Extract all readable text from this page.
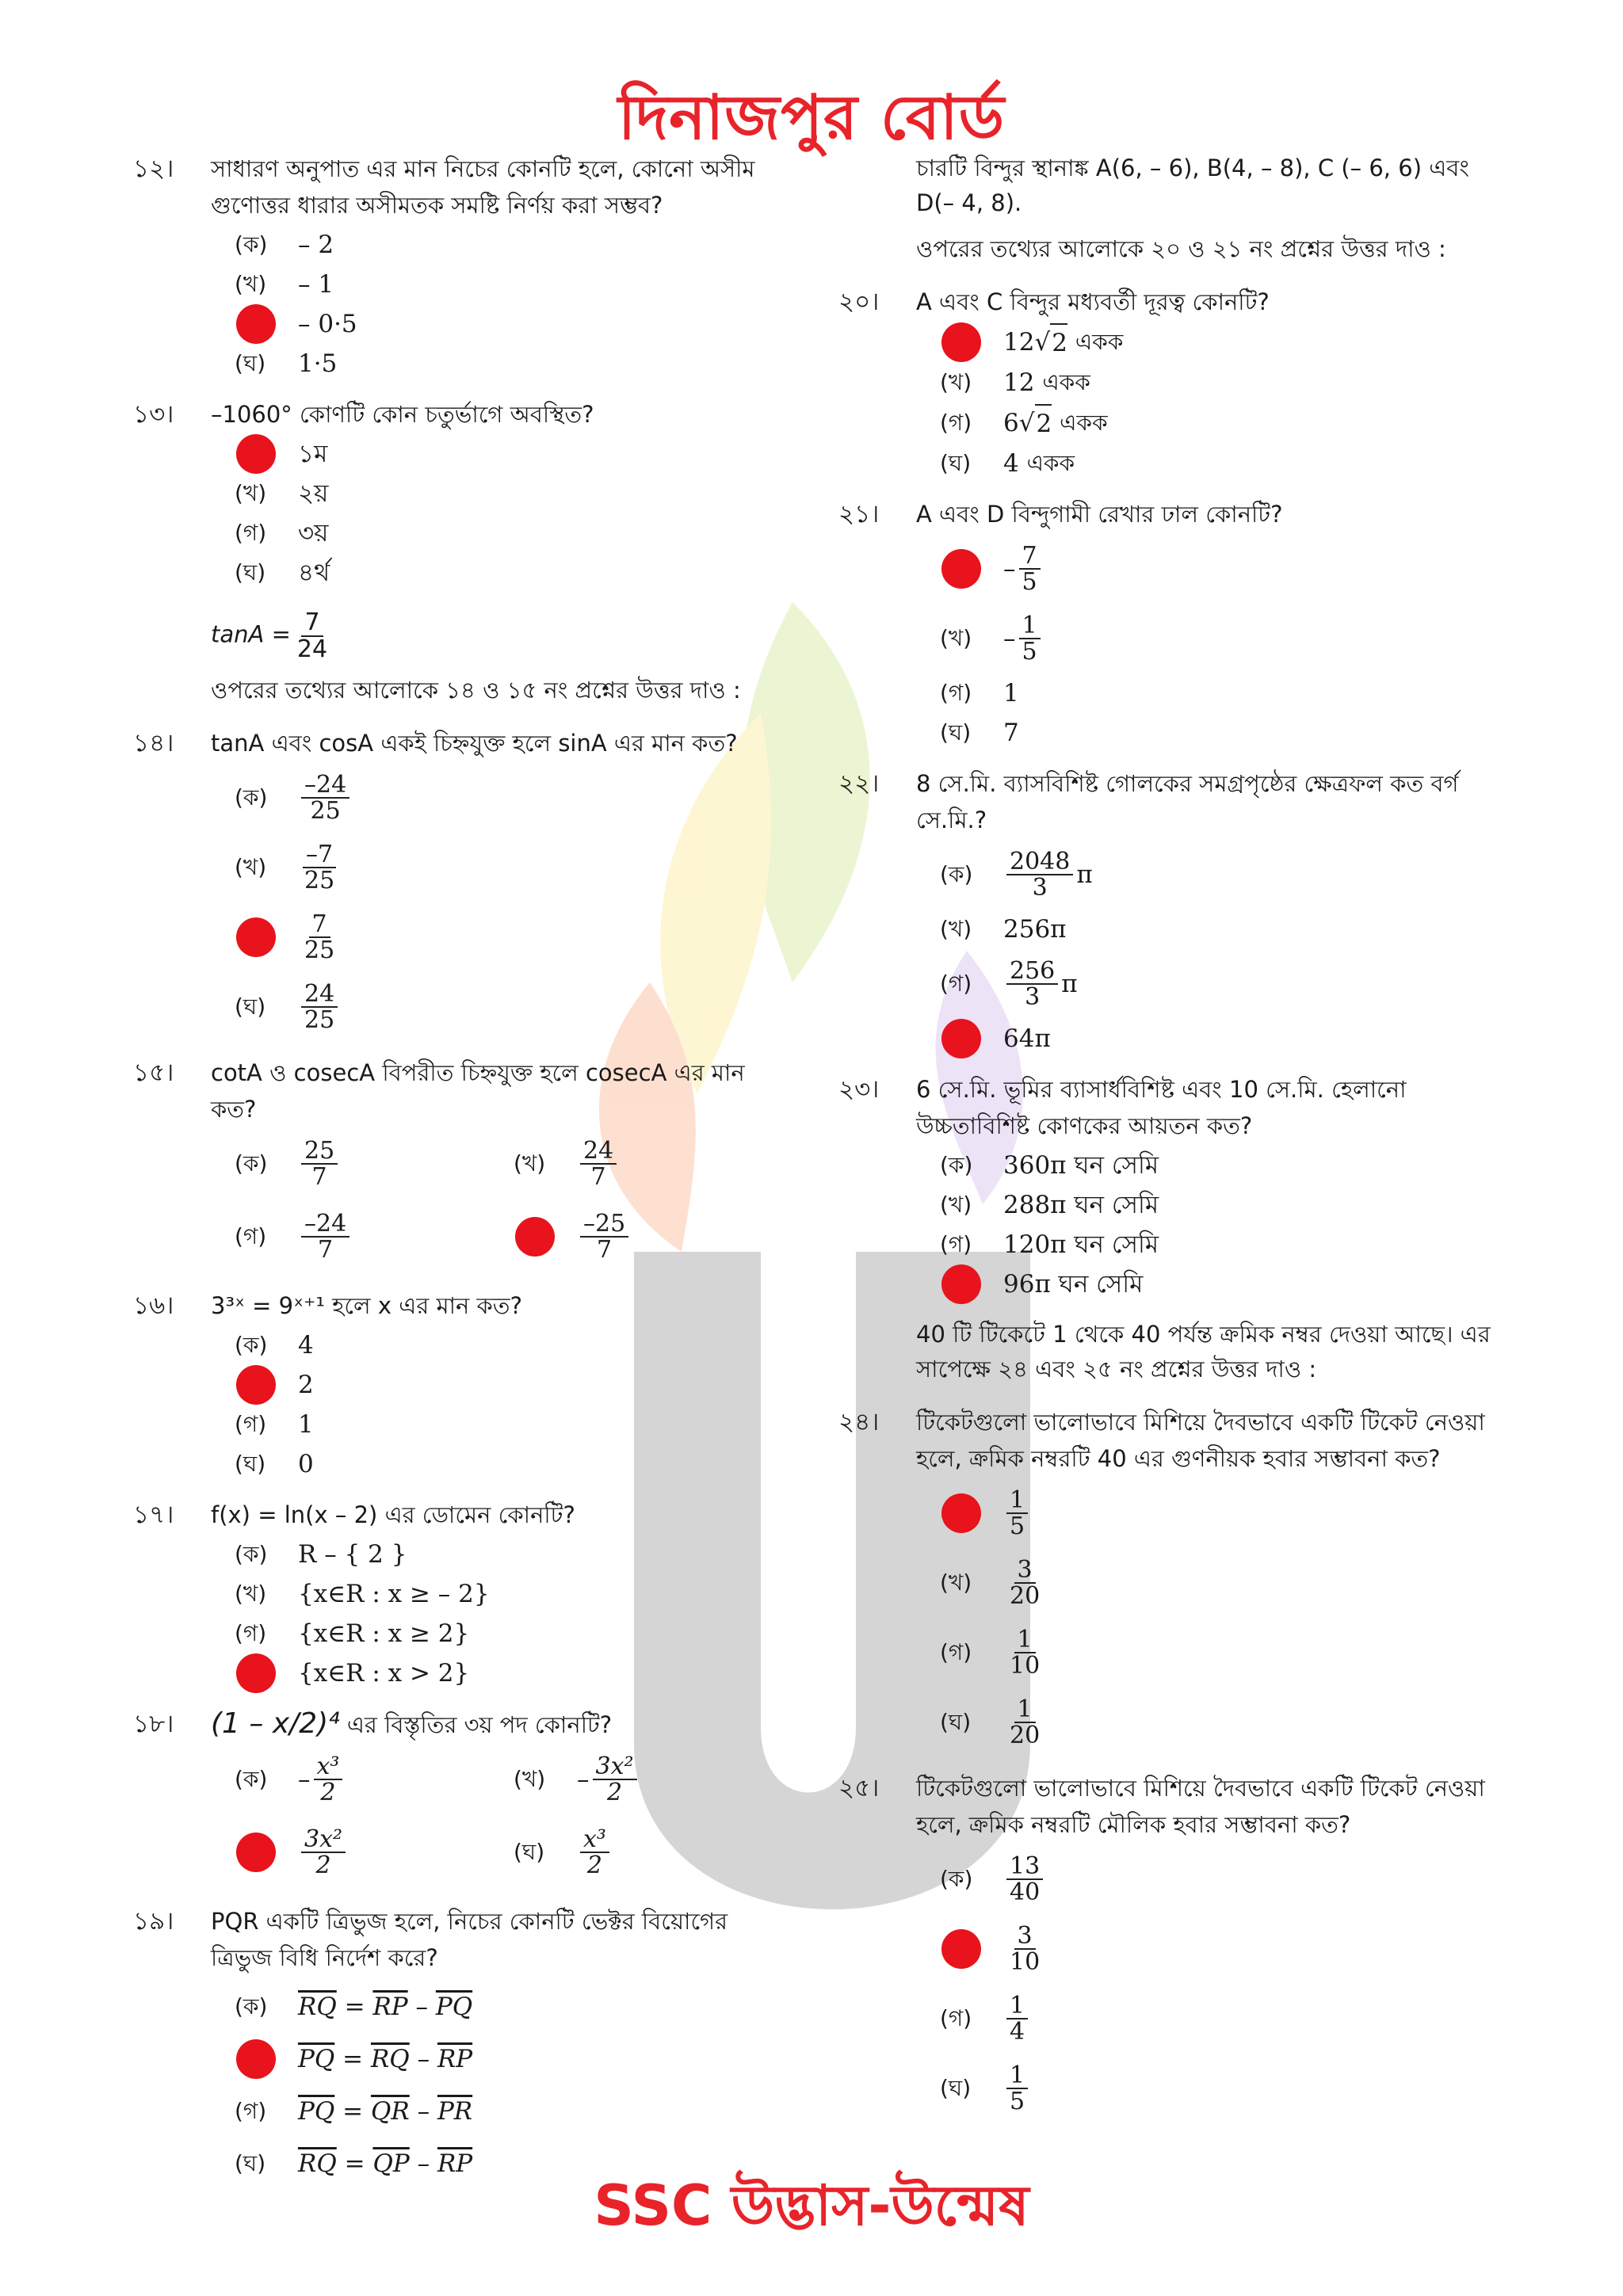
দিনাজপুর বোর্ড
১২। সাধারণ অনুপাত এর মান নিচের কোনটি হলে, কোনো অসীম গুণোত্তর ধারার অসীমতক সমষ্টি নির্ণয় করা সম্ভব?
(ক) – 2
(খ) – 1
– 0·5
(ঘ) 1·5
১৩। –1060° কোণটি কোন চতুর্ভাগে অবস্থিত?
১ম
(খ) ২য়
(গ) ৩য়
(ঘ) ৪র্থ
$\tan A = \frac{7}{24}$
ওপরের তথ্যের আলোকে ১৪ ও ১৫ নং প্রশ্নের উত্তর দাও :
১৪। tanA এবং cosA একই চিহ্নযুক্ত হলে sinA এর মান কত?
(ক) $\frac{-24}{25}$
(খ) $\frac{-7}{25}$
$\frac{7}{25}$
(ঘ) $\frac{24}{25}$
১৫। cotA ও cosecA বিপরীত চিহ্নযুক্ত হলে cosecA এর মান কত?
(ক) $\frac{25}{7}$	(খ) $\frac{24}{7}$
(গ) $\frac{-24}{7}$	$\frac{-25}{7}$
১৬। 3³ˣ = 9ˣ⁺¹ হলে x এর মান কত?
(ক) 4
2
(গ) 1
(ঘ) 0
১৭। f(x) = ln(x – 2) এর ডোমেন কোনটি?
(ক) R – { 2 }
(খ) {x∈R : x ≥ – 2}
(গ) {x∈R : x ≥ 2}
{x∈R : x > 2}
১৮। (1 – x/2)⁴ এর বিস্তৃতির ৩য় পদ কোনটি?
(ক) – $\frac{\text{x³}}{2}$	(খ) – $\frac{\text{3x²}}{2}$
$\frac{\text{3x²}}{2}$	(ঘ) $\frac{\text{x³}}{2}$
১৯। PQR একটি ত্রিভুজ হলে, নিচের কোনটি ভেক্টর বিয়োগের ত্রিভুজ বিধি নির্দেশ করে?
(ক) $\overline{RQ} = \overline{RP} - \overline{PQ}$
$\overline{PQ} = \overline{RQ} - \overline{RP}$
(গ) $\overline{PQ} = \overline{QR} - \overline{PR}$
(ঘ) $\overline{RQ} = \overline{QP} - \overline{RP}$
চারটি বিন্দুর স্থানাঙ্ক A(6, – 6), B(4, – 8), C (– 6, 6) এবং D(– 4, 8).
ওপরের তথ্যের আলোকে ২০ ও ২১ নং প্রশ্নের উত্তর দাও :
২০। A এবং C বিন্দুর মধ্যবর্তী দূরত্ব কোনটি?
12 √ 2
একক
(খ) 12
একক
(গ) 6 √ 2
একক
(ঘ) 4
একক
২১। A এবং D বিন্দুগামী রেখার ঢাল কোনটি?
– $\frac{7}{5}$
(খ) – $\frac{1}{5}$
(গ) 1
(ঘ) 7
২২। 8 সে.মি. ব্যাসবিশিষ্ট গোলকের সমগ্রপৃষ্ঠের ক্ষেত্রফল কত বর্গ সে.মি.?
(ক) $\frac{2048}{3}$ π
(খ) 256π
(গ) $\frac{256}{3}$ π
64π
২৩। 6 সে.মি. ভূমির ব্যাসার্ধবিশিষ্ট এবং 10 সে.মি. হেলানো উচ্চতাবিশিষ্ট কোণকের আয়তন কত?
(ক) 360π ঘন সেমি
(খ) 288π ঘন সেমি
(গ) 120π ঘন সেমি
96π ঘন সেমি
40 টি টিকেটে 1 থেকে 40 পর্যন্ত ক্রমিক নম্বর দেওয়া আছে। এর সাপেক্ষে ২৪ এবং ২৫ নং প্রশ্নের উত্তর দাও :
২৪। টিকেটগুলো ভালোভাবে মিশিয়ে দৈবভাবে একটি টিকেট নেওয়া হলে, ক্রমিক নম্বরটি 40 এর গুণনীয়ক হবার সম্ভাবনা কত?
$\frac{1}{5}$
(খ) $\frac{3}{20}$
(গ) $\frac{1}{10}$
(ঘ) $\frac{1}{20}$
২৫। টিকেটগুলো ভালোভাবে মিশিয়ে দৈবভাবে একটি টিকেট নেওয়া হলে, ক্রমিক নম্বরটি মৌলিক হবার সম্ভাবনা কত?
(ক) $\frac{13}{40}$
$\frac{3}{10}$
(গ) $\frac{1}{4}$
(ঘ) $\frac{1}{5}$
SSC উদ্ভাস-উন্মেষ
